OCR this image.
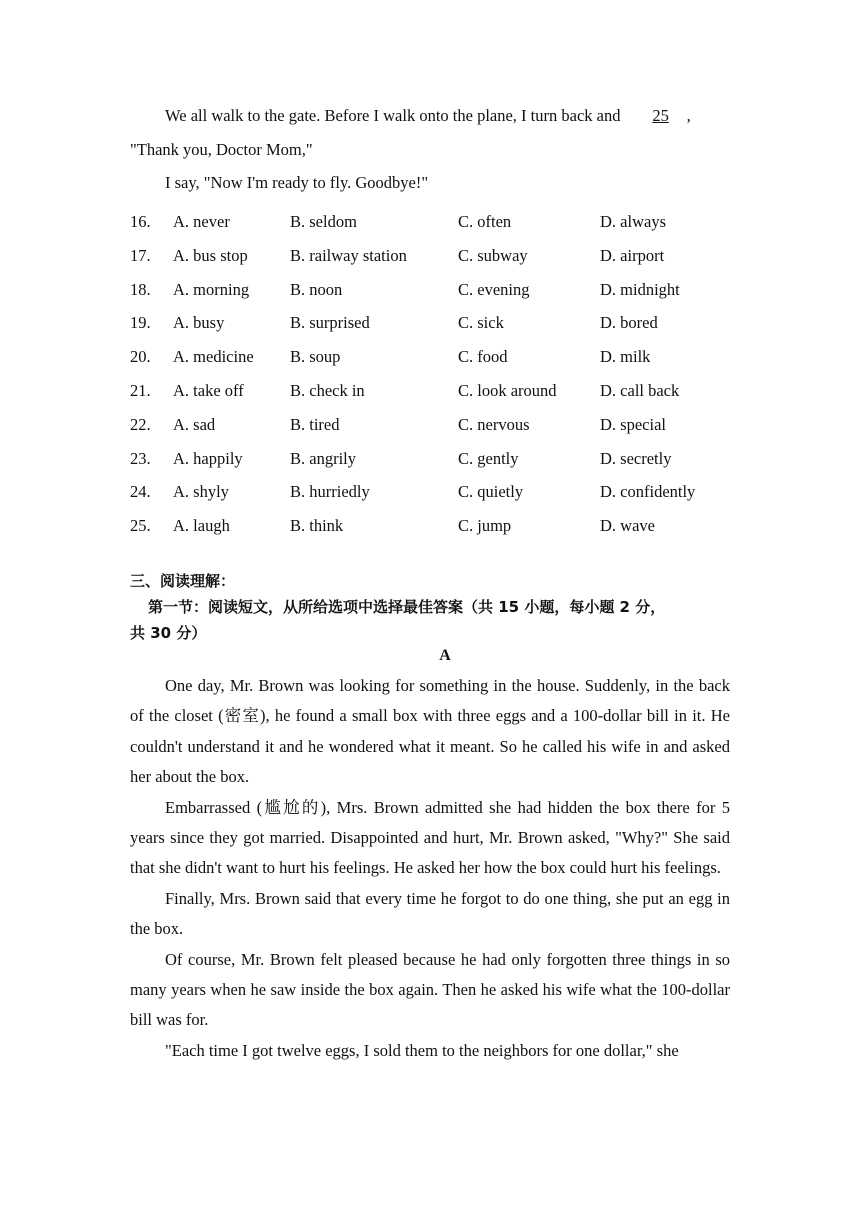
We all walk to the gate. Before I walk onto the plane, I turn back and 25 ,
"Thank you, Doctor Mom,"
I say, "Now I'm ready to fly. Goodbye!"
16. A. never	B. seldom	C. often	D. always
17. A. bus stop	B. railway station	C. subway	D. airport
18. A. morning B. noon	C. evening	D. midnight
19. A. busy	B. surprised	C. sick	D. bored
20. A. medicine B. soup	C. food	D. milk
21. A. take off	B. check in	C. look around	D. call back
22. A. sad	B. tired	C. nervous	D. special
23. A. happily	B. angrily	C. gently	D. secretly
24. A. shyly	B. hurriedly	C. quietly	D. confidently
25. A. laugh	B. think	C. jump	D. wave
三、阅读理解：
第一节：阅读短文，从所给选项中选择最佳答案（共 15 小题，每小题 2 分，
共 30 分）
A

One day, Mr. Brown was looking for something in the house. Suddenly, in the back of the closet (密室), he found a small box with three eggs and a 100-dollar bill in it. He couldn't understand it and he wondered what it meant. So he called his wife in and asked her about the box.

Embarrassed (尴尬的), Mrs. Brown admitted she had hidden the box there for 5 years since they got married. Disappointed and hurt, Mr. Brown asked, "Why?" She said that she didn't want to hurt his feelings. He asked her how the box could hurt his feelings.

Finally, Mrs. Brown said that every time he forgot to do one thing, she put an egg in the box.

Of course, Mr. Brown felt pleased because he had only forgotten three things in so many years when he saw inside the box again. Then he asked his wife what the 100-dollar bill was for.

"Each time I got twelve eggs, I sold them to the neighbors for one dollar," she
